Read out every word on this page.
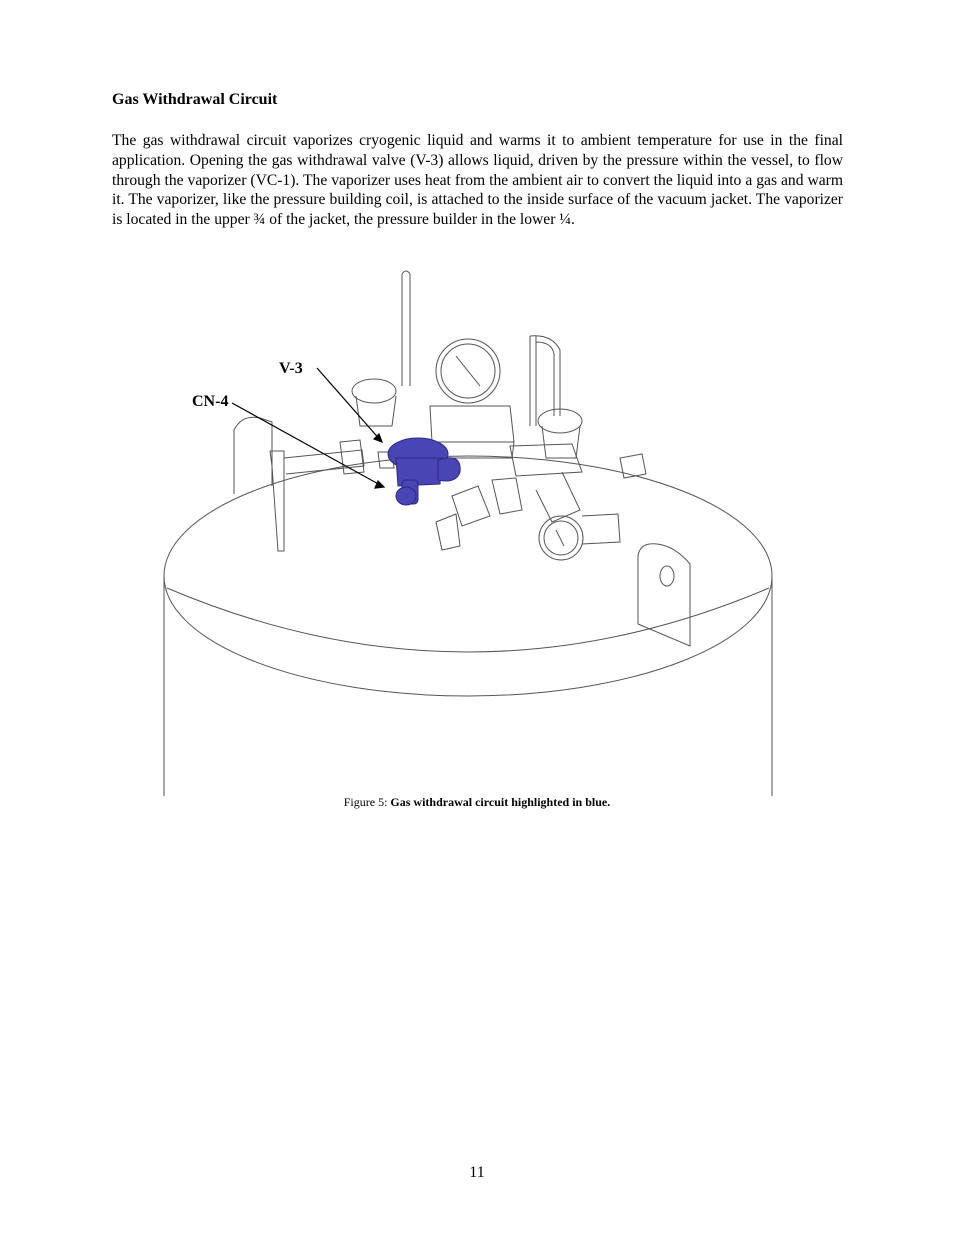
Gas Withdrawal Circuit

The gas withdrawal circuit vaporizes cryogenic liquid and warms it to ambient temperature for use in the final application. Opening the gas withdrawal valve (V-3) allows liquid, driven by the pressure within the vessel, to flow through the vaporizer (VC-1). The vaporizer uses heat from the ambient air to convert the liquid into a gas and warm it. The vaporizer, like the pressure building coil, is attached to the inside surface of the vacuum jacket. The vaporizer is located in the upper ¾ of the jacket, the pressure builder in the lower ¼.

V-3
CN-4
Figure 5: Gas withdrawal circuit highlighted in blue.
11
